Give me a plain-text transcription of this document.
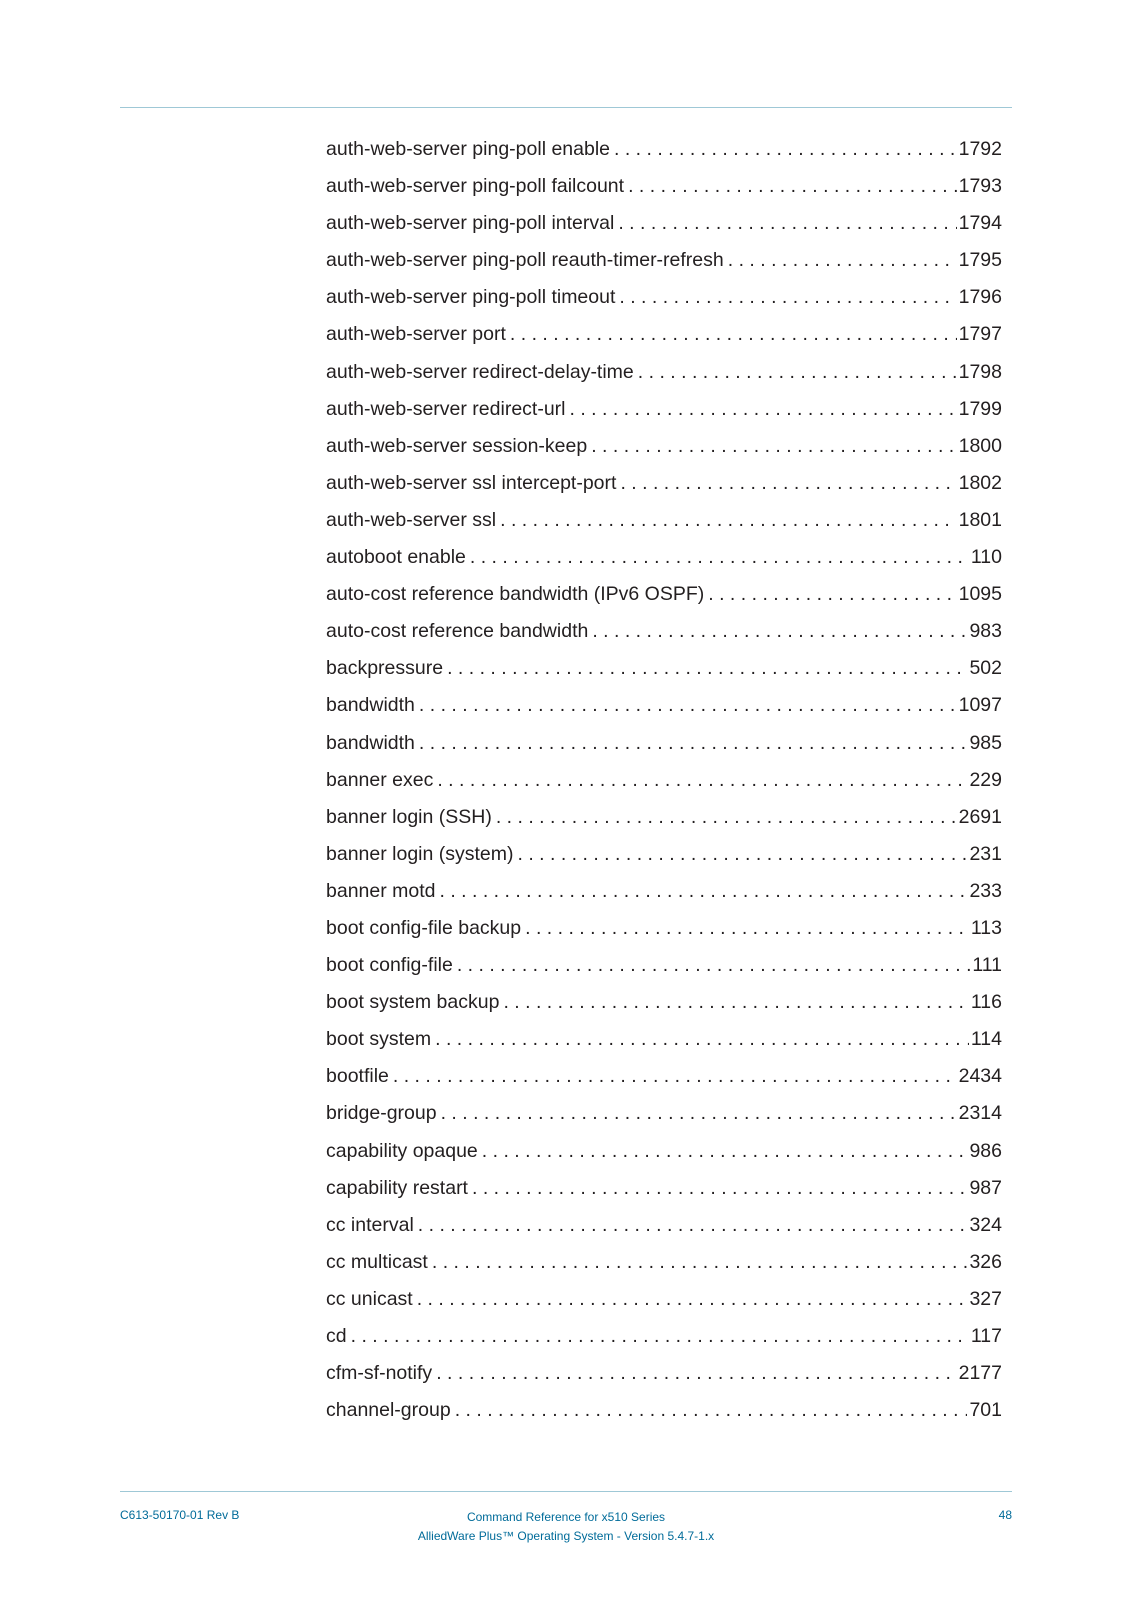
auth-web-server ping-poll enable . . .	1792
auth-web-server ping-poll failcount . . .	1793
auth-web-server ping-poll interval . . .	1794
auth-web-server ping-poll reauth-timer-refresh . . .	1795
auth-web-server ping-poll timeout . . .	1796
auth-web-server port . . .	1797
auth-web-server redirect-delay-time . . .	1798
auth-web-server redirect-url . . .	1799
auth-web-server session-keep . . .	1800
auth-web-server ssl intercept-port . . .	1802
auth-web-server ssl . . .	1801
autoboot enable . . .	110
auto-cost reference bandwidth (IPv6 OSPF) . . .	1095
auto-cost reference bandwidth . . .	983
backpressure . . .	502
bandwidth . . .	1097
bandwidth . . .	985
banner exec . . .	229
banner login (SSH) . . .	2691
banner login (system) . . .	231
banner motd . . .	233
boot config-file backup . . .	113
boot config-file . . .	111
boot system backup . . .	116
boot system . . .	114
bootfile . . .	2434
bridge-group . . .	2314
capability opaque . . .	986
capability restart . . .	987
cc interval . . .	324
cc multicast . . .	326
cc unicast . . .	327
cd . . .	117
cfm-sf-notify . . .	2177
channel-group . . .	701
C613-50170-01 Rev B	Command Reference for x510 Series
AlliedWare Plus™ Operating System - Version 5.4.7-1.x
48
